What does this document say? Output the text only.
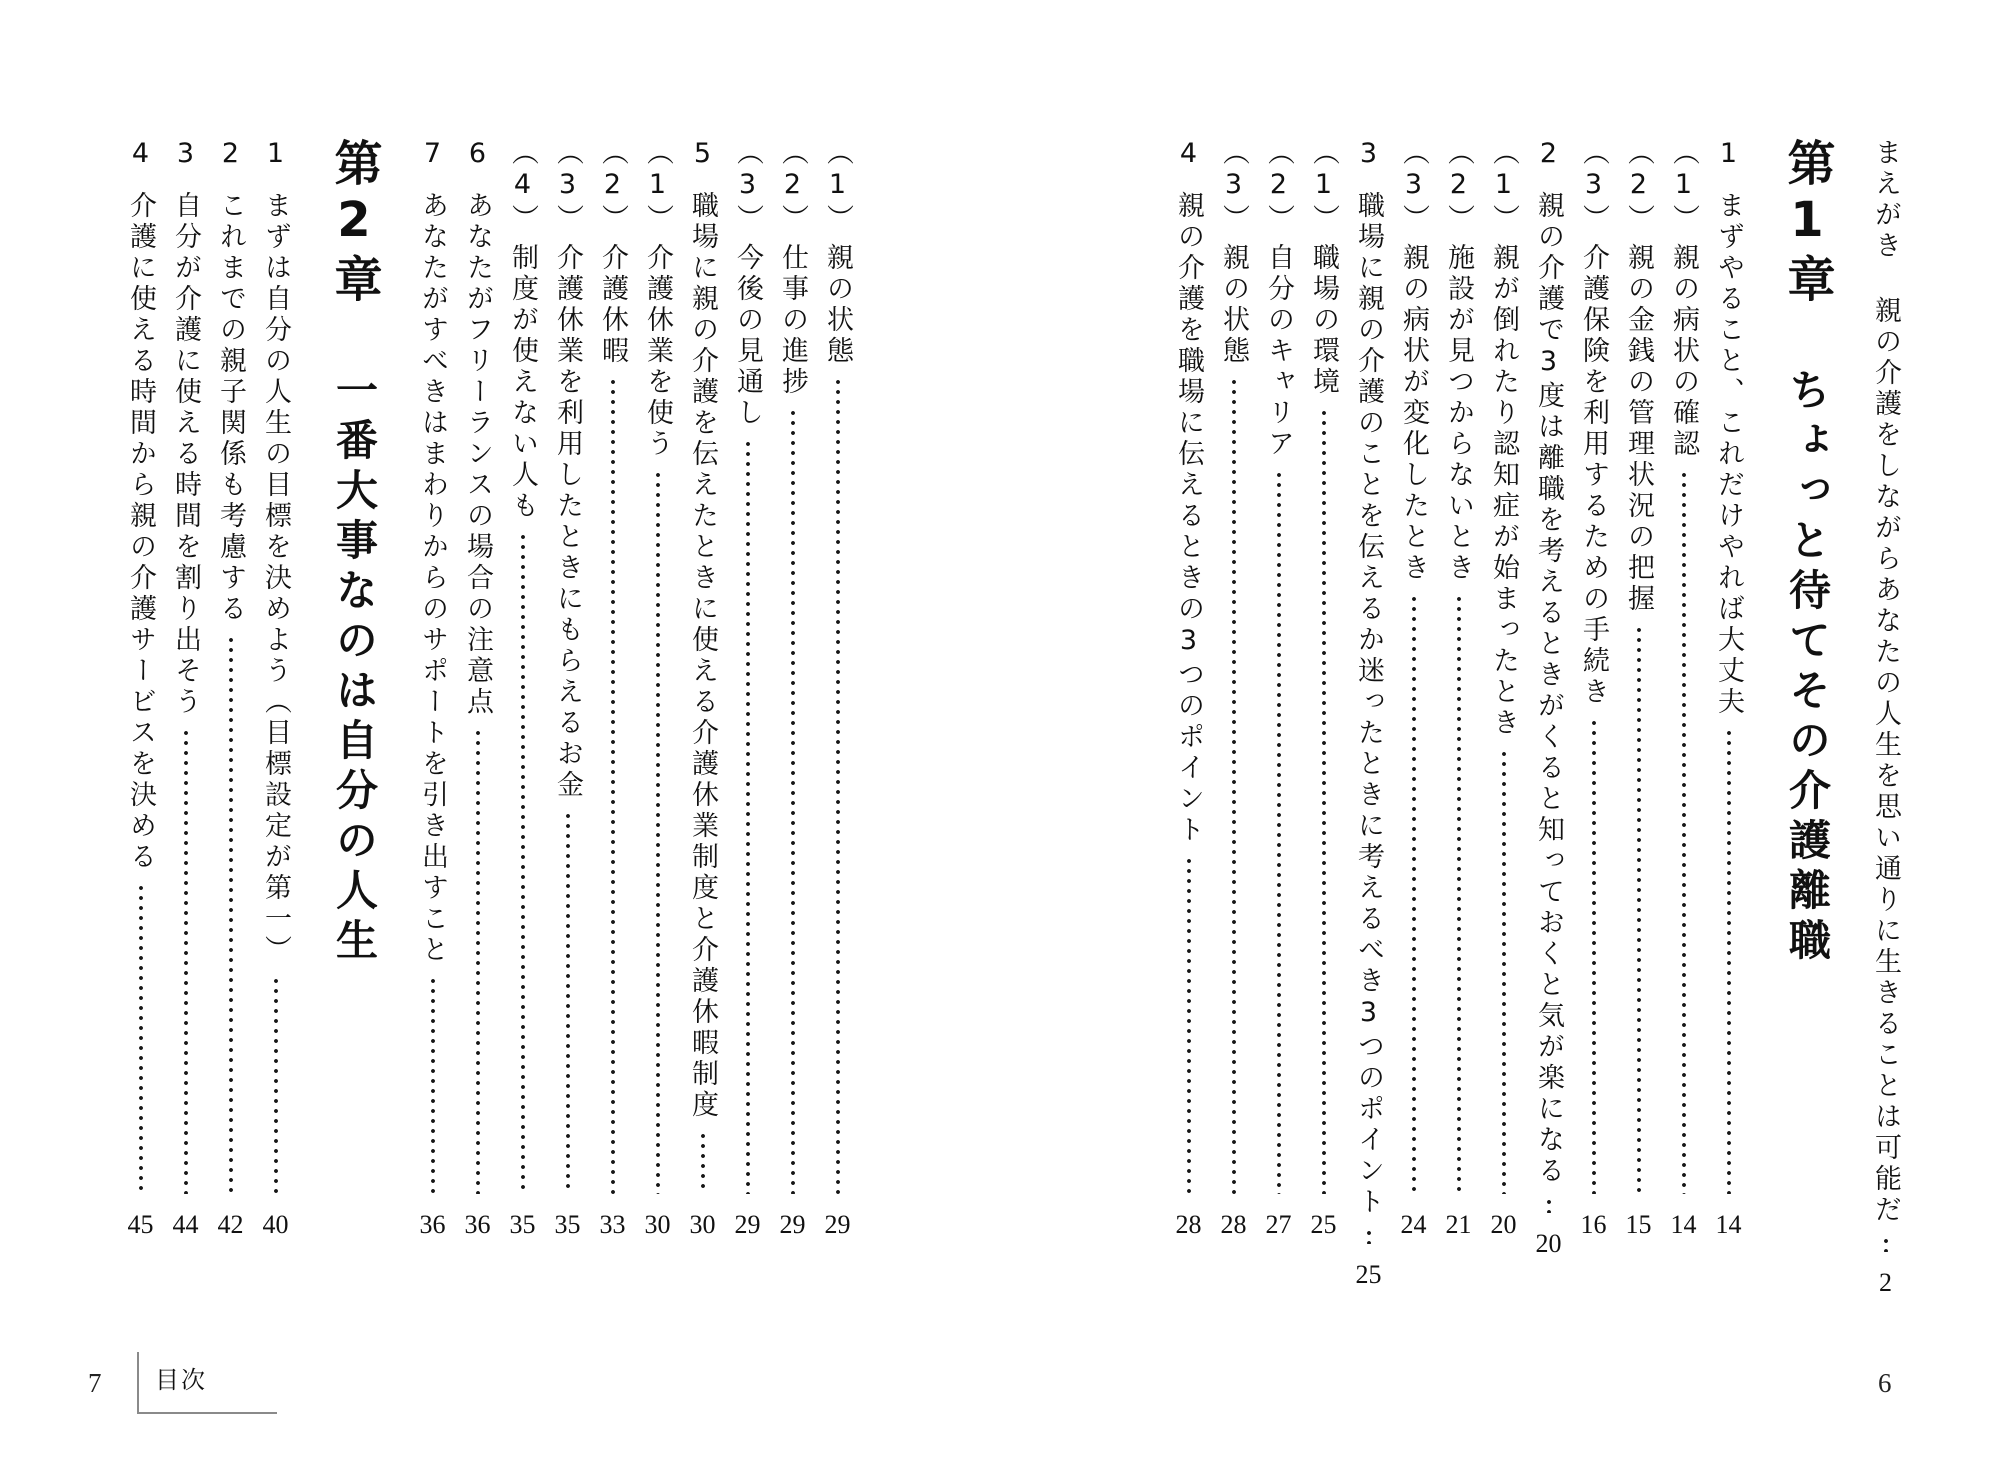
まえがき
親の介護をしながらあなたの人生を思い通りに生きることは可能だ
2
第1章
ちょっと待てその介護離職
1
まずやること、これだけやれば大丈夫
14
（1）
親の病状の確認
14
（2）
親の金銭の管理状況の把握
15
（3）
介護保険を利用するための手続き
16
2
親の介護で3度は離職を考えるときがくると知っておくと気が楽になる
20
（1）
親が倒れたり認知症が始まったとき
20
（2）
施設が見つからないとき
21
（3）
親の病状が変化したとき
24
3
職場に親の介護のことを伝えるか迷ったときに考えるべき3つのポイント
25
（1）
職場の環境
25
（2）
自分のキャリア
27
（3）
親の状態
28
4
親の介護を職場に伝えるときの3つのポイント
28
（1）
親の状態
29
（2）
仕事の進捗
29
（3）
今後の見通し
29
5
職場に親の介護を伝えたときに使える介護休業制度と介護休暇制度
30
（1）
介護休業を使う
30
（2）
介護休暇
33
（3）
介護休業を利用したときにもらえるお金
35
（4）
制度が使えない人も
35
6
あなたがフリーランスの場合の注意点
36
7
あなたがすべきはまわりからのサポートを引き出すこと
36
第2章
一番大事なのは自分の人生
1
まずは自分の人生の目標を決めよう（目標設定が第一）
40
2
これまでの親子関係も考慮する
42
3
自分が介護に使える時間を割り出そう
44
4
介護に使える時間から親の介護サービスを決める
45
6
7	目次
